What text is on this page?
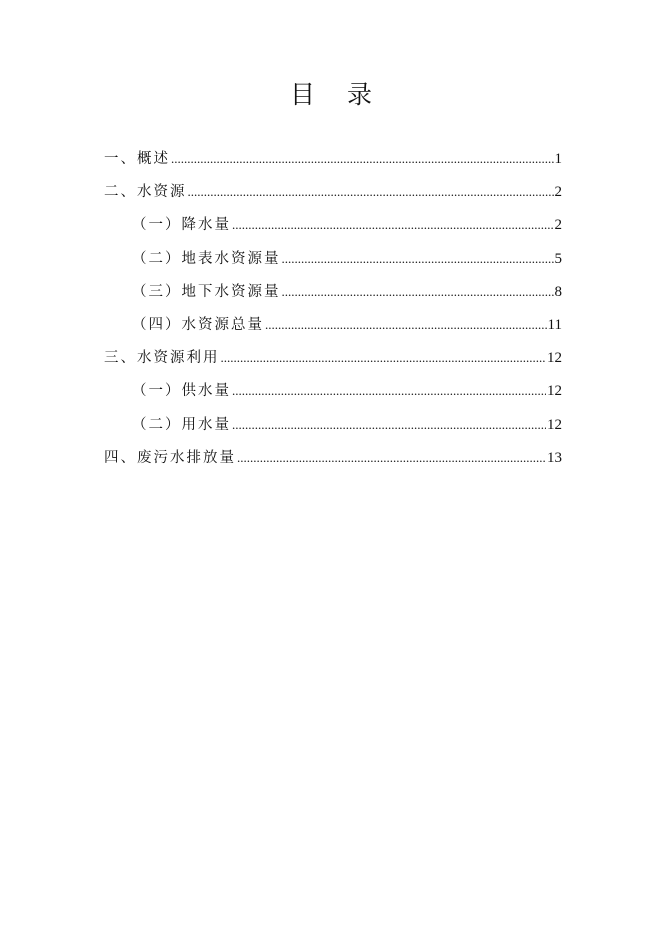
目 录
一、概述 .....	1
二、水资源 .....	2
（一）降水量 .....	2
（二）地表水资源量 .....	5
（三）地下水资源量 .....	8
（四）水资源总量 .....	11
三、水资源利用 .....	12
（一）供水量 .....	12
（二）用水量 .....	12
四、废污水排放量 .....	13
